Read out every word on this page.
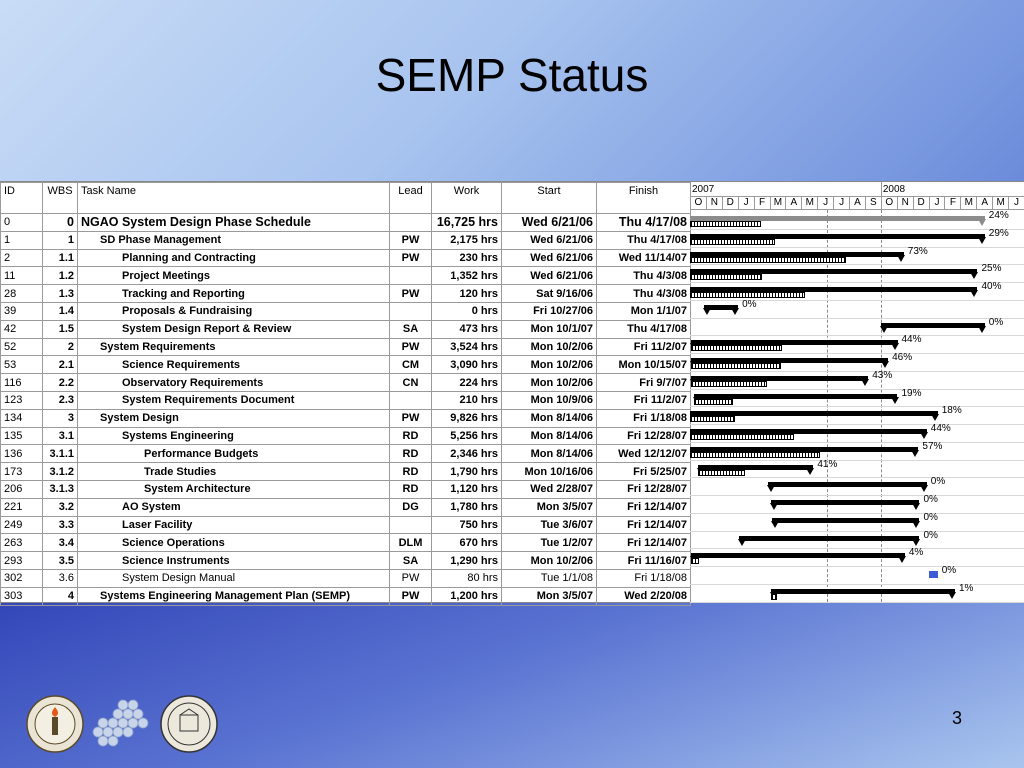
SEMP Status
ID	WBS	Task Name	Lead	Work	Start	Finish
0	0	NGAO System Design Phase Schedule		16,725 hrs	Wed 6/21/06	Thu 4/17/08
1	1	SD Phase Management	PW	2,175 hrs	Wed 6/21/06	Thu 4/17/08
2	1.1	Planning and Contracting	PW	230 hrs	Wed 6/21/06	Wed 11/14/07
11	1.2	Project Meetings		1,352 hrs	Wed 6/21/06	Thu 4/3/08
28	1.3	Tracking and Reporting	PW	120 hrs	Sat 9/16/06	Thu 4/3/08
39	1.4	Proposals & Fundraising		0 hrs	Fri 10/27/06	Mon 1/1/07
42	1.5	System Design Report & Review	SA	473 hrs	Mon 10/1/07	Thu 4/17/08
52	2	System Requirements	PW	3,524 hrs	Mon 10/2/06	Fri 11/2/07
53	2.1	Science Requirements	CM	3,090 hrs	Mon 10/2/06	Mon 10/15/07
116	2.2	Observatory Requirements	CN	224 hrs	Mon 10/2/06	Fri 9/7/07
123	2.3	System Requirements Document		210 hrs	Mon 10/9/06	Fri 11/2/07
134	3	System Design	PW	9,826 hrs	Mon 8/14/06	Fri 1/18/08
135	3.1	Systems Engineering	RD	5,256 hrs	Mon 8/14/06	Fri 12/28/07
136	3.1.1	Performance Budgets	RD	2,346 hrs	Mon 8/14/06	Wed 12/12/07
173	3.1.2	Trade Studies	RD	1,790 hrs	Mon 10/16/06	Fri 5/25/07
206	3.1.3	System Architecture	RD	1,120 hrs	Wed 2/28/07	Fri 12/28/07
221	3.2	AO System	DG	1,780 hrs	Mon 3/5/07	Fri 12/14/07
249	3.3	Laser Facility		750 hrs	Tue 3/6/07	Fri 12/14/07
263	3.4	Science Operations	DLM	670 hrs	Tue 1/2/07	Fri 12/14/07
293	3.5	Science Instruments	SA	1,290 hrs	Mon 10/2/06	Fri 11/16/07
302	3.6	System Design Manual	PW	80 hrs	Tue 1/1/08	Fri 1/18/08
303	4	Systems Engineering Management Plan (SEMP)	PW	1,200 hrs	Mon 3/5/07	Wed 2/20/08
2007	2008
O N D J	F M A M J	J	A S O N D J	F M A M J
24%
29%
73%
25%
40%
0%
0%
44%
46%
43%
19%
18%
44%
57%
41%
0%
0%
0%
0%
4%
0%
1%
3
